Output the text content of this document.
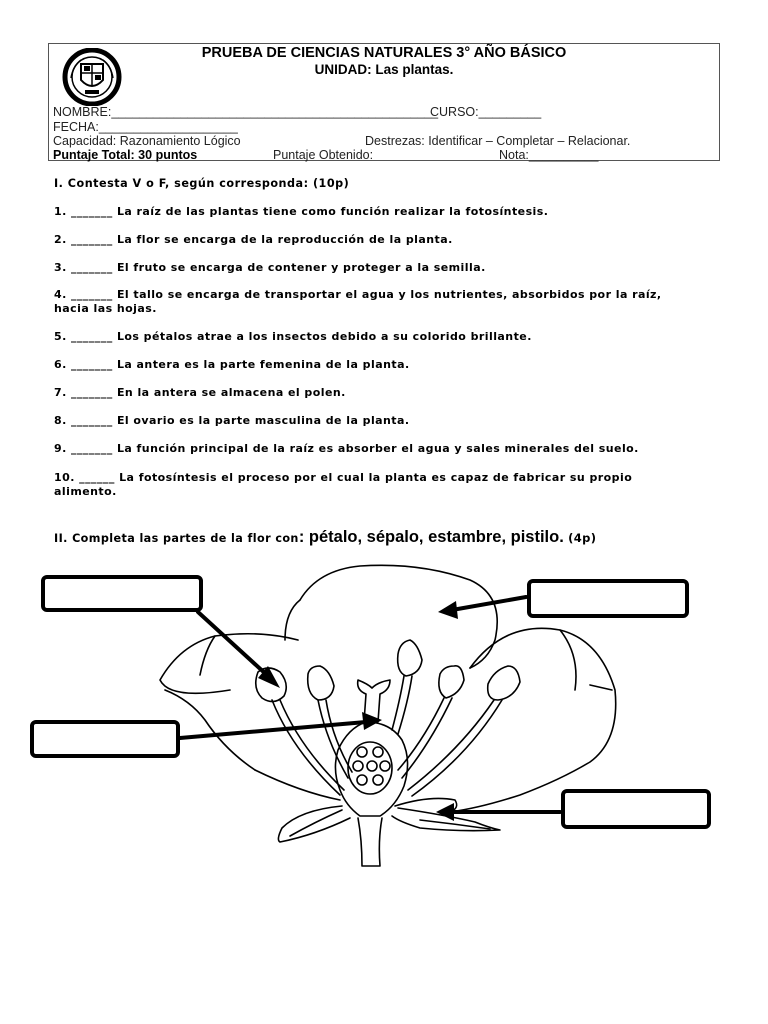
PRUEBA DE CIENCIAS NATURALES 3° AÑO BÁSICO
UNIDAD: Las plantas.
NOMBRE:_______________________________________________
CURSO:_________
FECHA:____________________
Capacidad: Razonamiento Lógico	Destrezas: Identificar – Completar – Relacionar.
Puntaje Total: 30 puntos	Puntaje Obtenido:	Nota:__________
I. Contesta V o F, según corresponda: (10p)
1. _______ La raíz de las plantas tiene como función realizar la fotosíntesis.
2. _______ La flor se encarga de la reproducción de la planta.
3. _______ El fruto se encarga de contener y proteger a la semilla.
4. _______ El tallo se encarga de transportar el agua y los nutrientes, absorbidos por la raíz, hacia las hojas.
5. _______ Los pétalos atrae a los insectos debido a su colorido brillante.
6. _______ La antera es la parte femenina de la planta.
7. _______ En la antera se almacena el polen.
8. _______ El ovario es la parte masculina de la planta.
9. _______ La función principal de la raíz es absorber el agua y sales minerales del suelo.
10. ______ La fotosíntesis el proceso por el cual la planta es capaz de fabricar su propio alimento.
II. Completa las partes de la flor con: pétalo, sépalo, estambre, pistilo. (4p)
